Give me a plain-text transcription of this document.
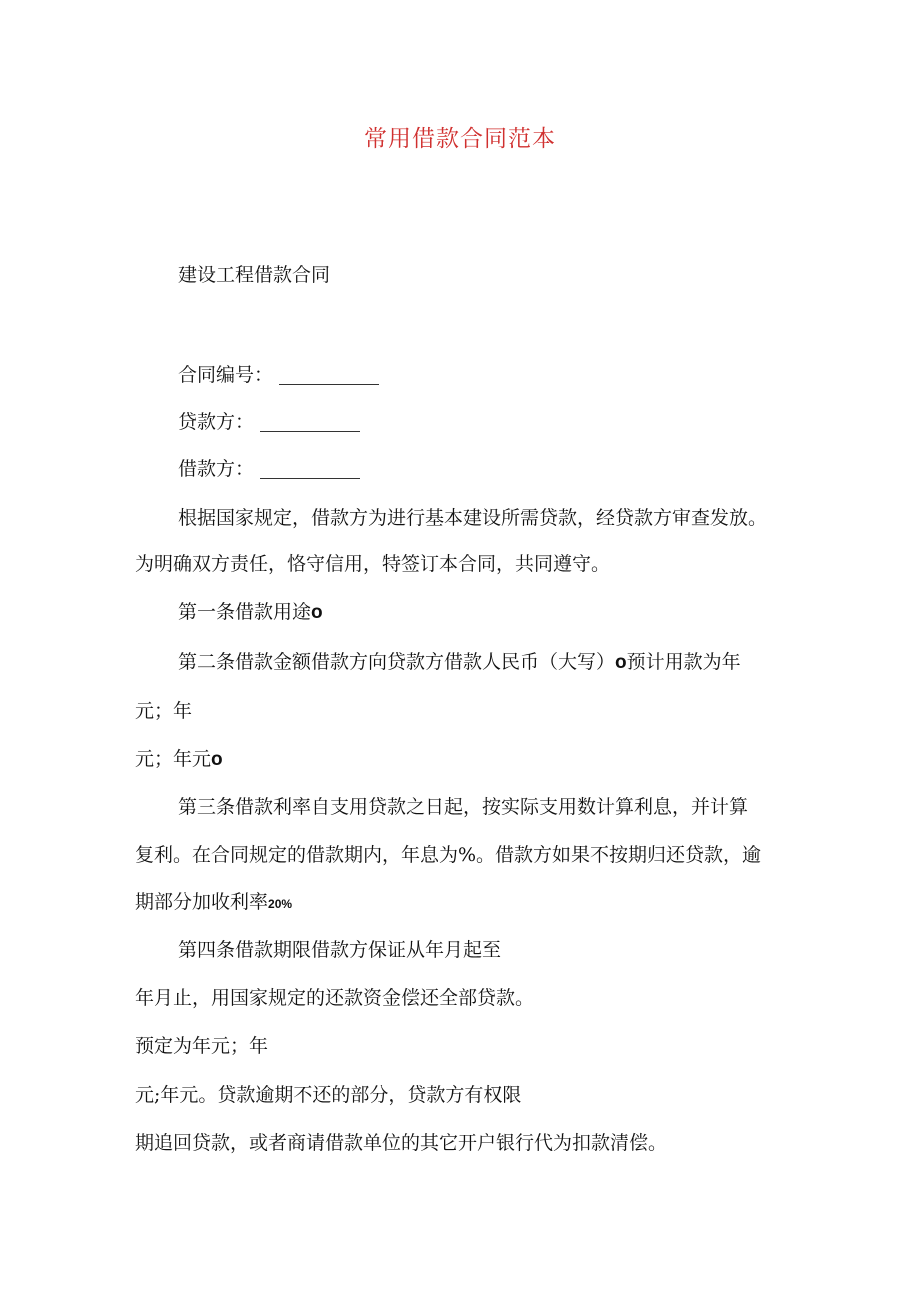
常用借款合同范本
建设工程借款合同
合同编号：
贷款方：
借款方：
根据国家规定，借款方为进行基本建设所需贷款，经贷款方审查发放。
为明确双方责任，恪守信用，特签订本合同，共同遵守。
第一条借款用途o
第二条借款金额借款方向贷款方借款人民币（大写）o预计用款为年
元；年
元；年元o
第三条借款利率自支用贷款之日起，按实际支用数计算利息，并计算
复利。在合同规定的借款期内，年息为%。借款方如果不按期归还贷款，逾
期部分加收利率20%
第四条借款期限借款方保证从年月起至
年月止，用国家规定的还款资金偿还全部贷款。
预定为年元；年
元;年元。贷款逾期不还的部分，贷款方有权限
期追回贷款，或者商请借款单位的其它开户银行代为扣款清偿。
